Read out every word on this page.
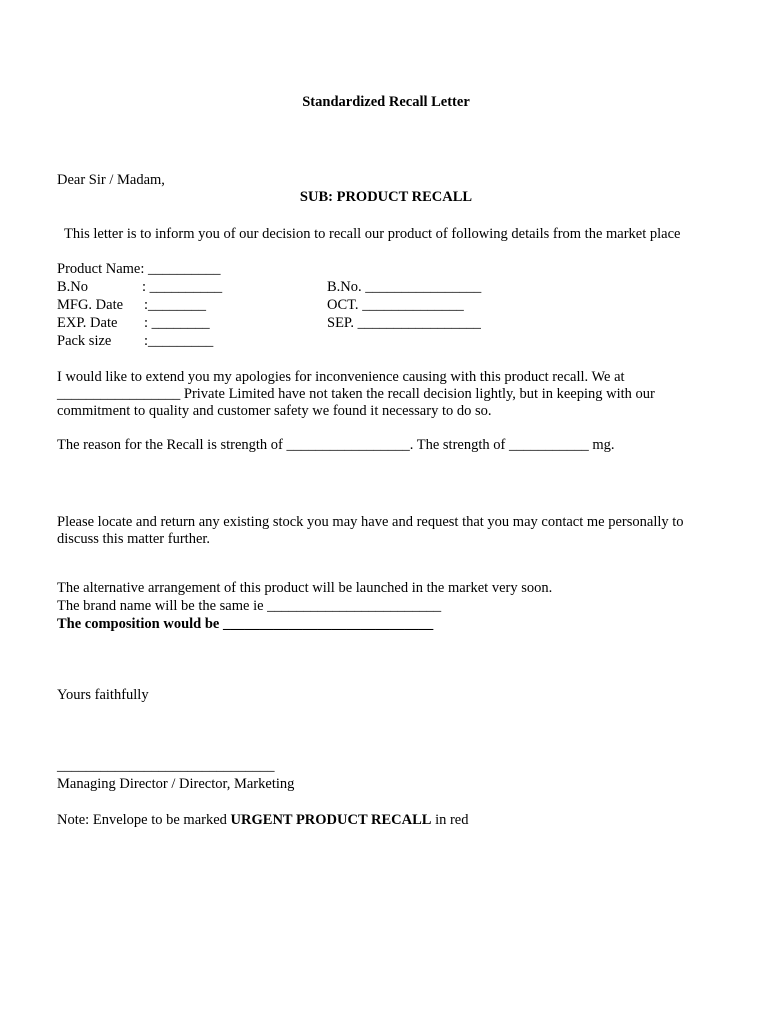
Standardized Recall Letter
Dear Sir / Madam,
SUB: PRODUCT RECALL
This letter is to inform you of our decision to recall our product of following details from the market place
Product Name: __________
B.No	: __________
MFG. Date :________
EXP. Date : ________
Pack size :_________
B.No. ________________
OCT. ______________
SEP. _________________
I would like to extend you my apologies for inconvenience causing with this product recall. We at _________________ Private Limited have not taken the recall decision lightly, but in keeping with our commitment to quality and customer safety we found it necessary to do so.
The reason for the Recall is strength of _________________. The strength of ___________ mg.
Please locate and return any existing stock you may have and request that you may contact me personally to discuss this matter further.
The alternative arrangement of this product will be launched in the market very soon.
The brand name will be the same ie ________________________
The composition would be _____________________________
Yours faithfully
______________________________
Managing Director / Director, Marketing
Note: Envelope to be marked URGENT PRODUCT RECALL in red
